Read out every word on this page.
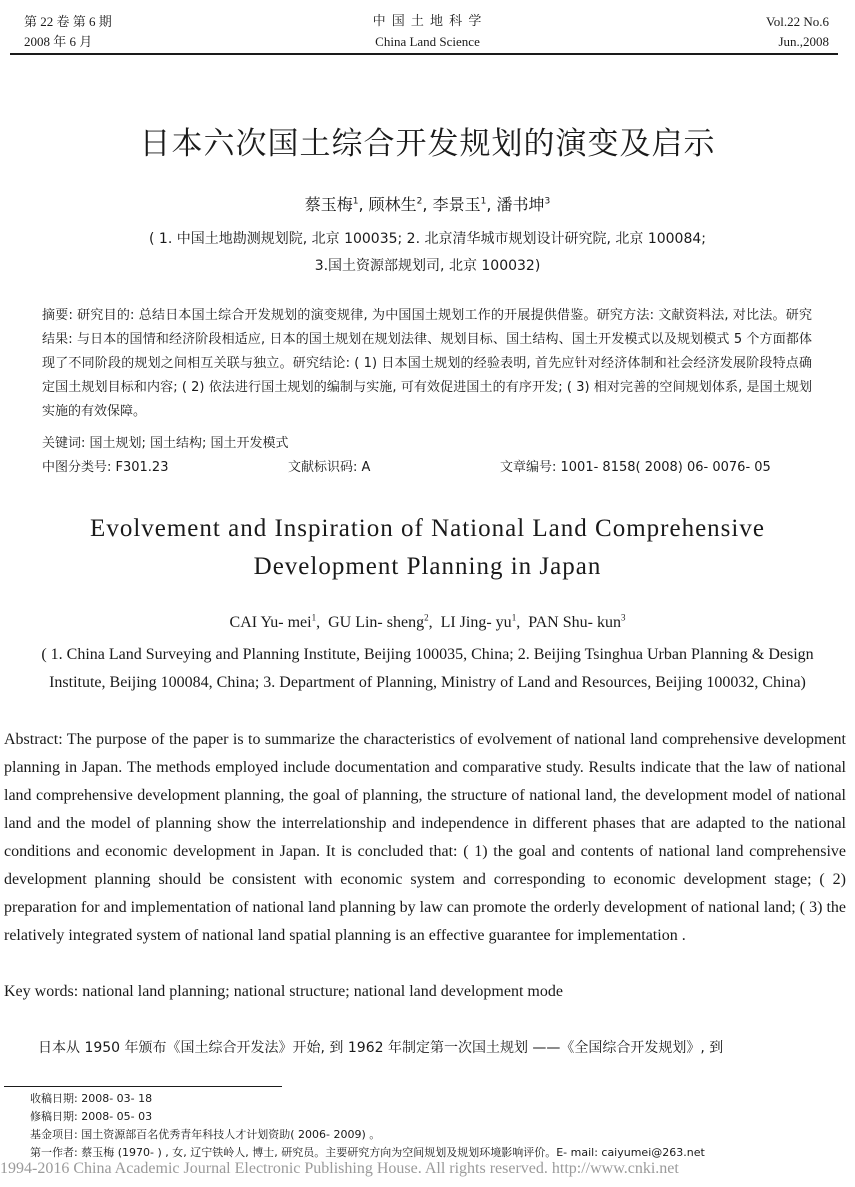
第 22 卷 第 6 期
2008 年 6 月
中 国 土 地 科 学
China Land Science
Vol.22 No.6
Jun.,2008
日本六次国土综合开发规划的演变及启示
蔡玉梅$^1$, 顾林生$^2$, 李景玉$^1$, 潘书坤$^3$
( 1. 中国土地勘测规划院, 北京 100035; 2. 北京清华城市规划设计研究院, 北京 100084;
3.国土资源部规划司, 北京 100032)
摘要: 研究目的: 总结日本国土综合开发规划的演变规律, 为中国国土规划工作的开展提供借鉴。研究方法: 文献资料法, 对比法。研究结果: 与日本的国情和经济阶段相适应, 日本的国土规划在规划法律、规划目标、国土结构、国土开发模式以及规划模式 5 个方面都体现了不同阶段的规划之间相互关联与独立。研究结论: ( 1) 日本国土规划的经验表明, 首先应针对经济体制和社会经济发展阶段特点确定国土规划目标和内容; ( 2) 依法进行国土规划的编制与实施, 可有效促进国土的有序开发; ( 3) 相对完善的空间规划体系, 是国土规划实施的有效保障。
关键词: 国土规划; 国土结构; 国土开发模式
中图分类号: F301.23	文献标识码: A	文章编号: 1001- 8158( 2008) 06- 0076- 05
Evolvement and Inspiration of National Land Comprehensive
Development Planning in Japan
CAI Yu- mei$^1$,  GU Lin- sheng$^2$,  LI Jing- $yu^1$,  PAN Shu- kun$^3$
( 1. China Land Surveying and Planning Institute, Beijing 100035, China; 2. Beijing Tsinghua Urban Planning & Design
Institute, Beijing 100084, China; 3. Department of Planning, Ministry of Land and Resources, Beijing 100032, China)
Abstract: The purpose of the paper is to summarize the characteristics of evolvement of national land comprehensive development planning in Japan. The methods employed include documentation and comparative study. Results indicate that the law of national land comprehensive development planning, the goal of planning, the structure of national land, the development model of national land and the model of planning show the interrelationship and independence in different phases that are adapted to the national conditions and economic development in Japan. It is concluded that: ( 1) the goal and contents of national land comprehensive development planning should be consistent with economic system and corresponding to economic development stage; ( 2) preparation for and implementation of national land planning by law can promote the orderly development of national land; ( 3) the relatively integrated system of national land spatial planning is an effective guarantee for implementation .
Key words: national land planning; national structure; national land development mode
日本从 1950 年颁布《国土综合开发法》开始, 到 1962 年制定第一次国土规划 ——《全国综合开发规划》, 到
收稿日期: 2008- 03- 18
修稿日期: 2008- 05- 03
基金项目: 国土资源部百名优秀青年科技人才计划资助( 2006- 2009) 。
第一作者: 蔡玉梅 (1970- ) , 女, 辽宁铁岭人, 博士, 研究员。主要研究方向为空间规划及规划环境影响评价。E- mail: caiyumei@263.net
1994-2016 China Academic Journal Electronic Publishing House. All rights reserved. http://www.cnki.net
